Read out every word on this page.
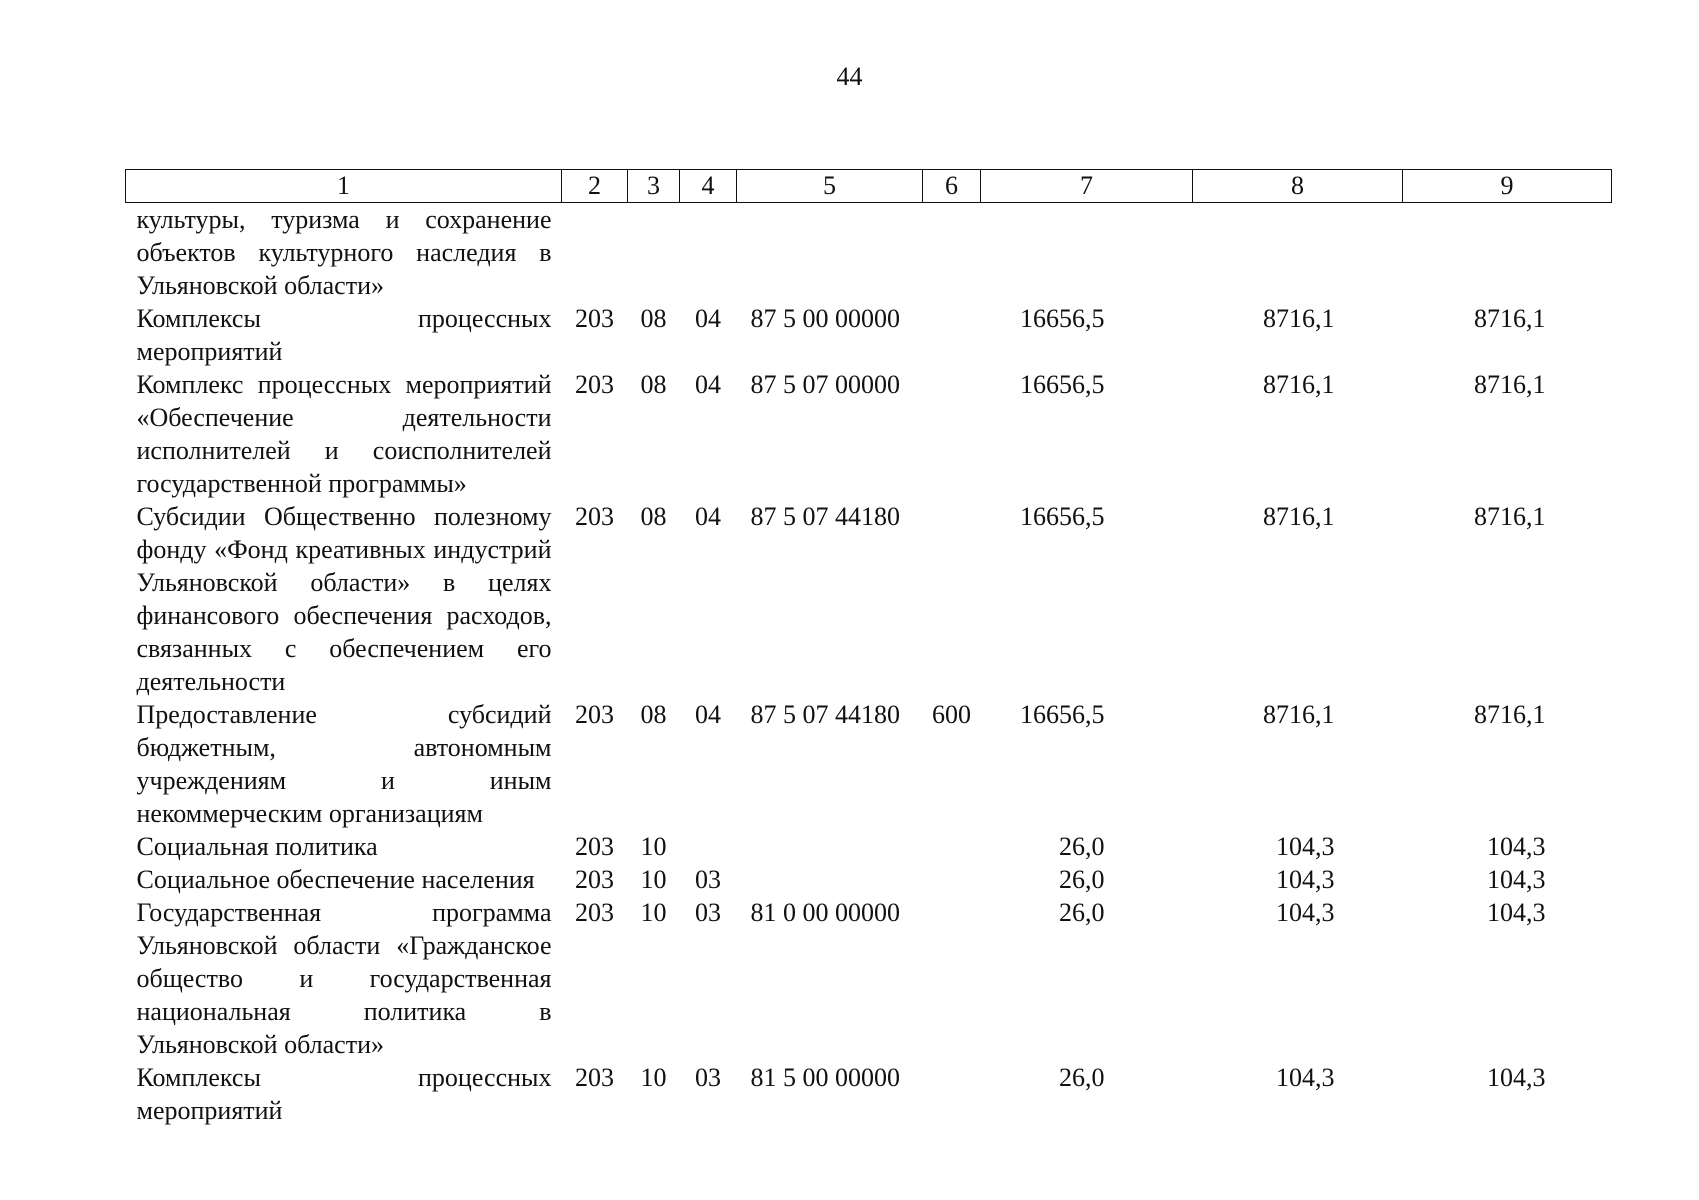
44
1	2	3	4	5	6	7	8	9
культуры, туризма и сохранение объектов культурного наследия в Ульяновской области»								
Комплексы процессных мероприятий	203	08	04	87 5 00 00000		16656,5	8716,1	8716,1
Комплекс процессных мероприятий «Обеспечение деятельности исполнителей и соисполнителей государственной программы»	203	08	04	87 5 07 00000		16656,5	8716,1	8716,1
Субсидии Общественно полезному фонду «Фонд креативных индустрий Ульяновской области» в целях финансового обеспечения расходов, связанных с обеспечением его деятельности	203	08	04	87 5 07 44180		16656,5	8716,1	8716,1
Предоставление субсидий бюджетным, автономным учреждениям и иным некоммерческим организациям	203	08	04	87 5 07 44180	600	16656,5	8716,1	8716,1
Социальная политика	203	10				26,0	104,3	104,3
Социальное обеспечение населения	203	10	03			26,0	104,3	104,3
Государственная программа Ульяновской области «Гражданское общество и государственная национальная политика в Ульяновской области»	203	10	03	81 0 00 00000		26,0	104,3	104,3
Комплексы процессных мероприятий	203	10	03	81 5 00 00000		26,0	104,3	104,3
